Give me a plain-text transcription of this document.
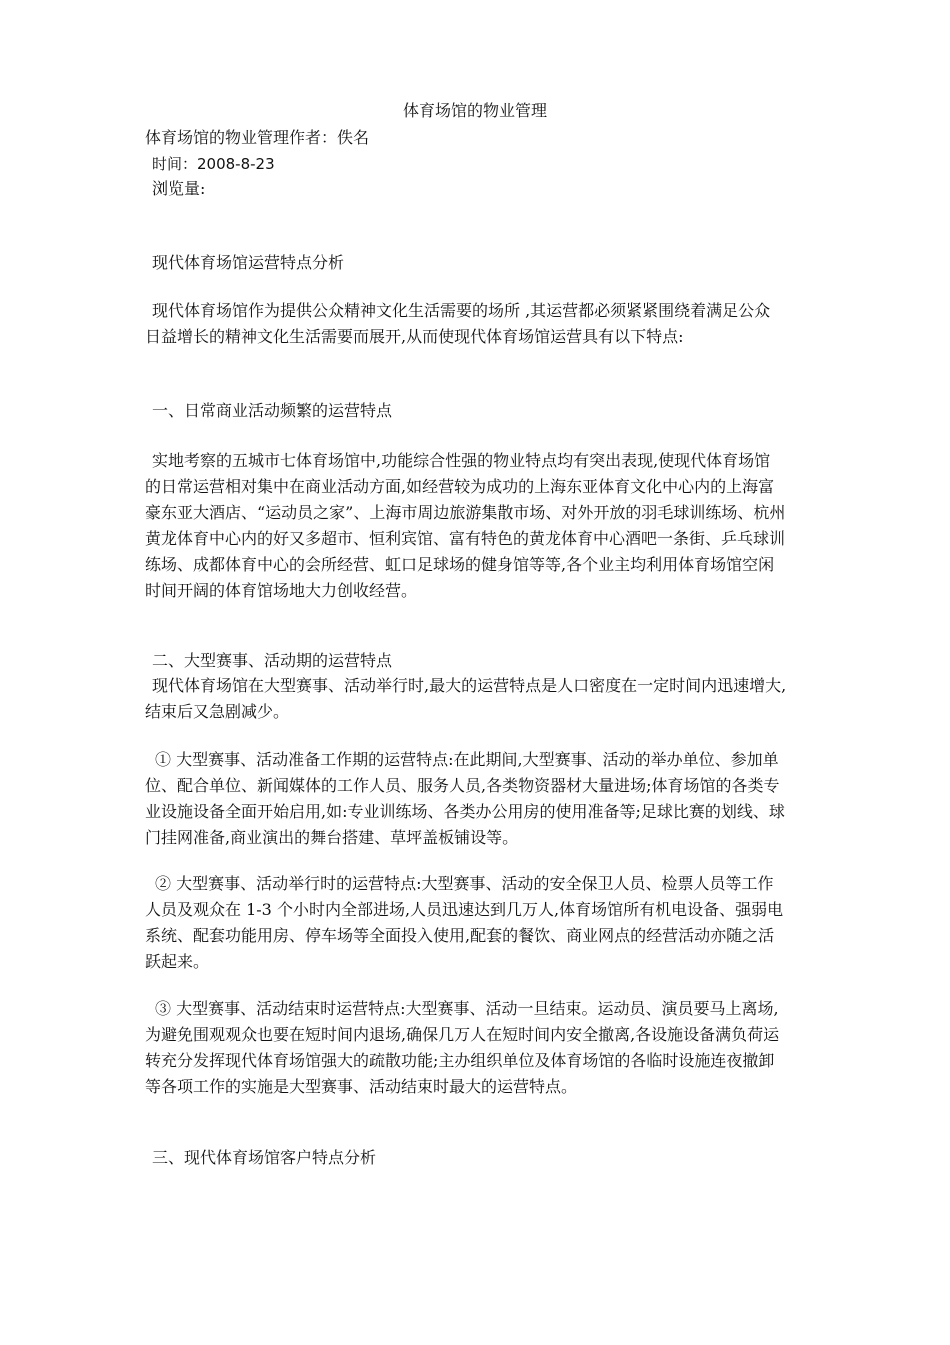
体育场馆的物业管理
体育场馆的物业管理作者：佚名
时间：2008-8-23
浏览量:
现代体育场馆运营特点分析
现代体育场馆作为提供公众精神文化生活需要的场所 ,其运营都必须紧紧围绕着满足公众
日益增长的精神文化生活需要而展开,从而使现代体育场馆运营具有以下特点:
一、日常商业活动频繁的运营特点
实地考察的五城市七体育场馆中,功能综合性强的物业特点均有突出表现,使现代体育场馆
的日常运营相对集中在商业活动方面,如经营较为成功的上海东亚体育文化中心内的上海富
豪东亚大酒店、“运动员之家”、上海市周边旅游集散市场、对外开放的羽毛球训练场、杭州
黄龙体育中心内的好又多超市、恒利宾馆、富有特色的黄龙体育中心酒吧一条街、乒乓球训
练场、成都体育中心的会所经营、虹口足球场的健身馆等等,各个业主均利用体育场馆空闲
时间开阔的体育馆场地大力创收经营。
二、大型赛事、活动期的运营特点
现代体育场馆在大型赛事、活动举行时,最大的运营特点是人口密度在一定时间内迅速增大,
结束后又急剧减少。
① 大型赛事、活动准备工作期的运营特点:在此期间,大型赛事、活动的举办单位、参加单
位、配合单位、新闻媒体的工作人员、服务人员,各类物资器材大量进场;体育场馆的各类专
业设施设备全面开始启用,如:专业训练场、各类办公用房的使用准备等;足球比赛的划线、球
门挂网准备,商业演出的舞台搭建、草坪盖板铺设等。
② 大型赛事、活动举行时的运营特点:大型赛事、活动的安全保卫人员、检票人员等工作
人员及观众在 1-3 个小时内全部进场,人员迅速达到几万人,体育场馆所有机电设备、强弱电
系统、配套功能用房、停车场等全面投入使用,配套的餐饮、商业网点的经营活动亦随之活
跃起来。
③ 大型赛事、活动结束时运营特点:大型赛事、活动一旦结束。运动员、演员要马上离场,
为避免围观观众也要在短时间内退场,确保几万人在短时间内安全撤离,各设施设备满负荷运
转充分发挥现代体育场馆强大的疏散功能;主办组织单位及体育场馆的各临时设施连夜撤卸
等各项工作的实施是大型赛事、活动结束时最大的运营特点。
三、现代体育场馆客户特点分析
